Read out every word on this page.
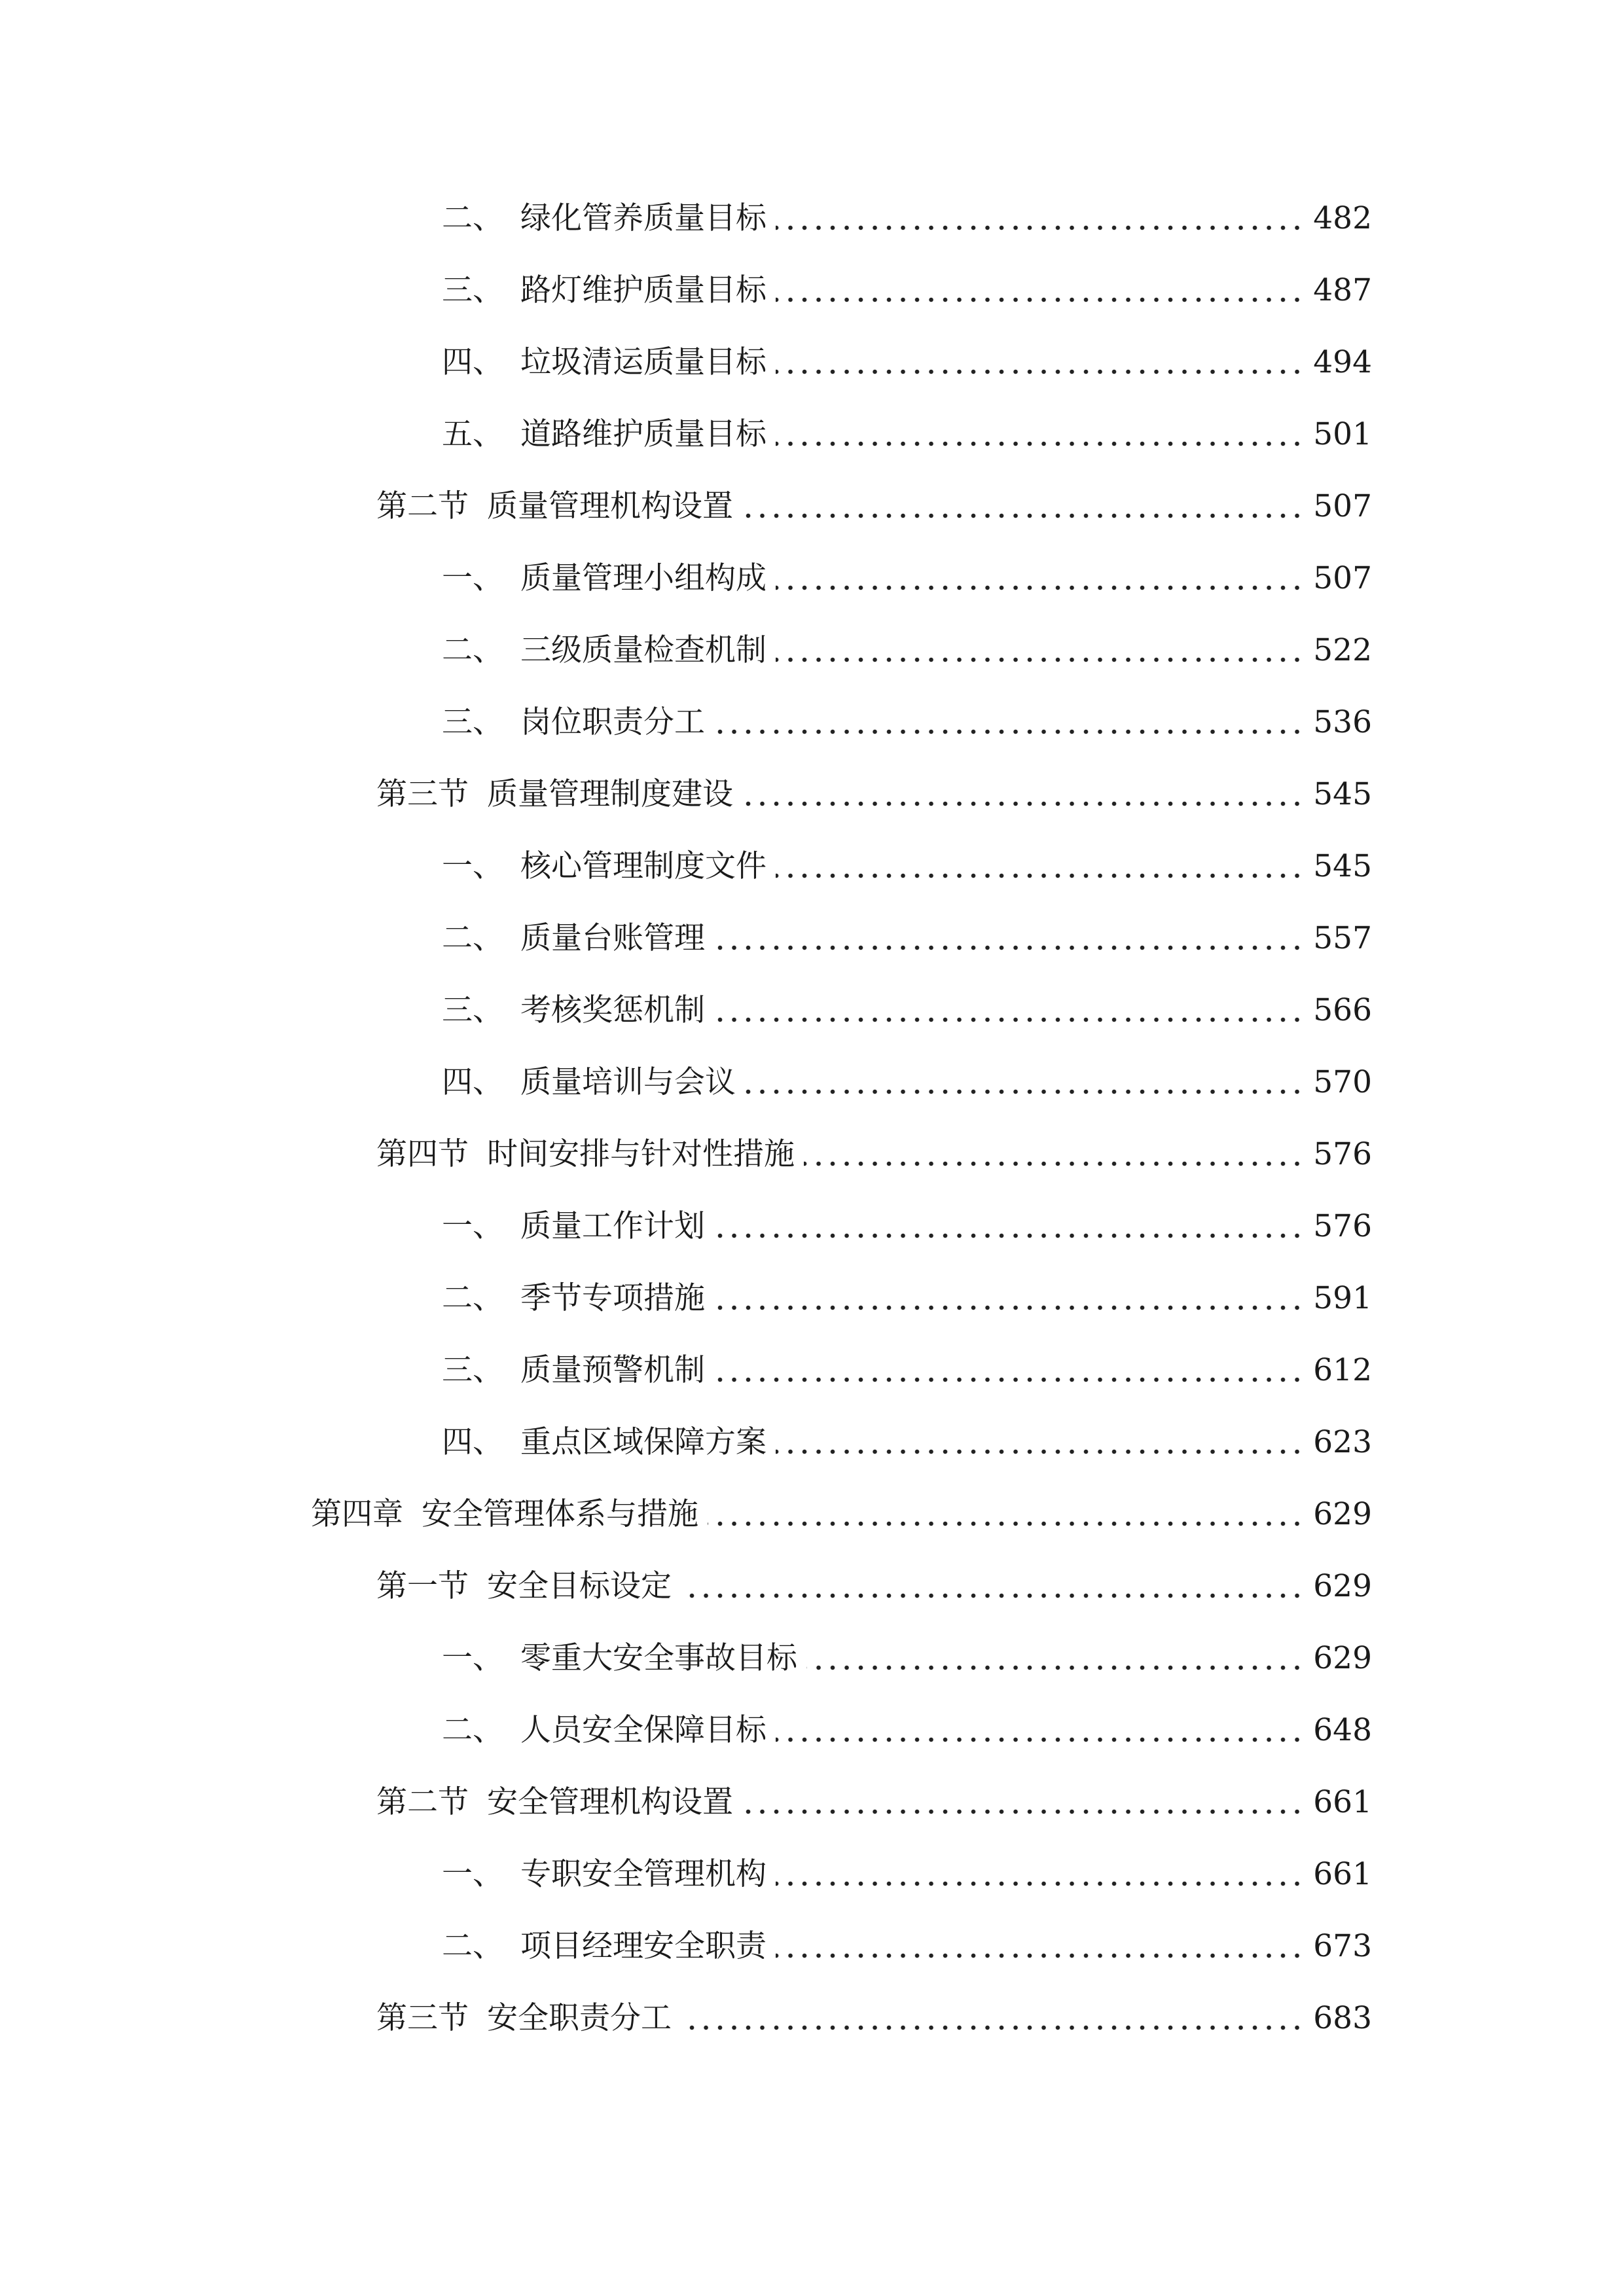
二、 绿化管养质量目标	482
三、 路灯维护质量目标	487
四、 垃圾清运质量目标	494
五、 道路维护质量目标	501
第二节 质量管理机构设置	507
一、 质量管理小组构成	507
二、 三级质量检查机制	522
三、 岗位职责分工	536
第三节 质量管理制度建设	545
一、 核心管理制度文件	545
二、 质量台账管理	557
三、 考核奖惩机制	566
四、 质量培训与会议	570
第四节 时间安排与针对性措施	576
一、 质量工作计划	576
二、 季节专项措施	591
三、 质量预警机制	612
四、 重点区域保障方案	623
第四章 安全管理体系与措施	629
第一节 安全目标设定	629
一、 零重大安全事故目标	629
二、 人员安全保障目标	648
第二节 安全管理机构设置	661
一、 专职安全管理机构	661
二、 项目经理安全职责	673
第三节 安全职责分工	683
